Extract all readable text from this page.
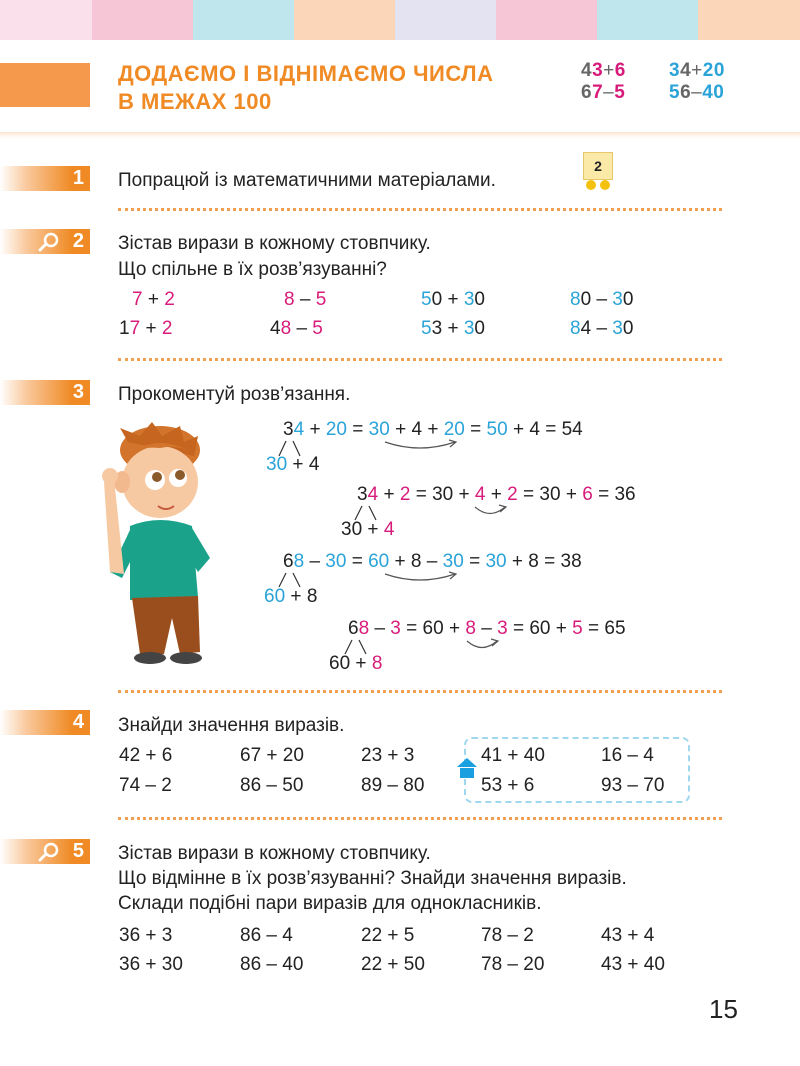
ДОДАЄМО І ВІДНІМАЄМО ЧИСЛА
В МЕЖАХ 100
43+6
67–5
34+20
56–40
1 Попрацюй із математичними матеріалами.
2
2 Зістав вирази в кожному стовпчику.
Що спільне в їх розв’язуванні?
7 + 2	8 – 5	50 + 30	80 – 30
17 + 2	48 – 5	53 + 30	84 – 30
3 Прокоментуй розв’язання.
34 + 20 = 30 + 4 + 20 = 50 + 4 = 54
30 + 4
34 + 2 = 30 + 4 + 2 = 30 + 6 = 36
30 + 4
68 – 30 = 60 + 8 – 30 = 30 + 8 = 38
60 + 8
68 – 3 = 60 + 8 – 3 = 60 + 5 = 65
60 + 8
4 Знайди значення виразів.
42 + 6	67 + 20	23 + 3	41 + 40	16 – 4
74 – 2	86 – 50	89 – 80	53 + 6	93 – 70
5 Зістав вирази в кожному стовпчику.
Що відмінне в їх розв’язуванні? Знайди значення виразів.
Склади подібні пари виразів для однокласників.
36 + 3	86 – 4	22 + 5	78 – 2	43 + 4
36 + 30	86 – 40	22 + 50	78 – 20	43 + 40
15
